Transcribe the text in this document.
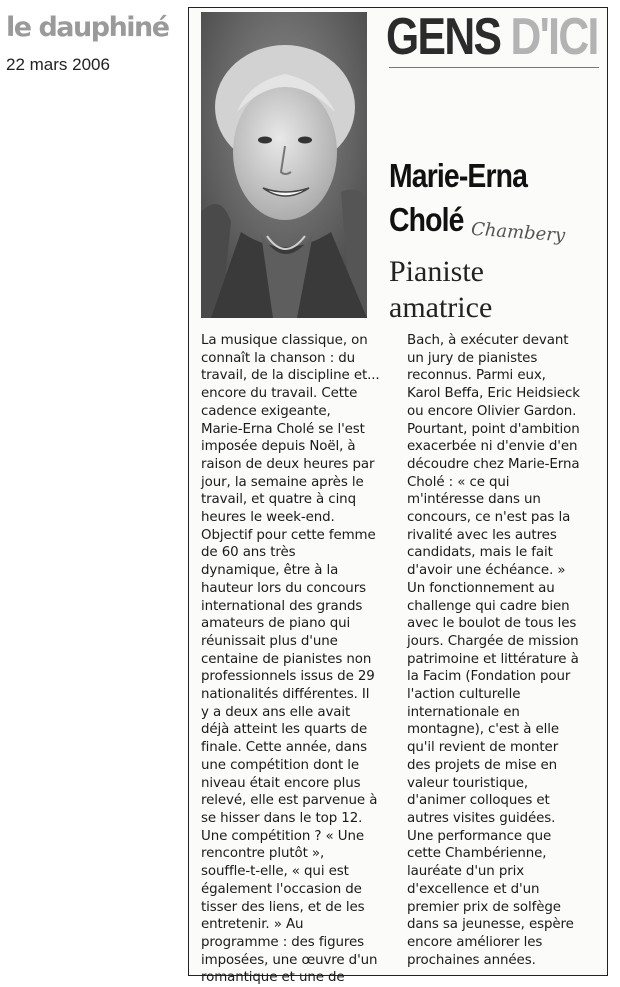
le dauphiné
22 mars 2006	GENS D'ICI
Marie-Erna
Cholé Chambery
Pianiste
amatrice
La musique classique, on
connaît la chanson : du
travail, de la discipline et...
encore du travail. Cette
cadence exigeante,
Marie-Erna Cholé se l'est
imposée depuis Noël, à
raison de deux heures par
jour, la semaine après le
travail, et quatre à cinq
heures le week-end.
Objectif pour cette femme
de 60 ans très
dynamique, être à la
hauteur lors du concours
international des grands
amateurs de piano qui
réunissait plus d'une
centaine de pianistes non
professionnels issus de 29
nationalités différentes. Il
y a deux ans elle avait
déjà atteint les quarts de
finale. Cette année, dans
une compétition dont le
niveau était encore plus
relevé, elle est parvenue à
se hisser dans le top 12.
Une compétition ? « Une
rencontre plutôt »,
souffle-t-elle, « qui est
également l'occasion de
tisser des liens, et de les
entretenir. » Au
programme : des figures
imposées, une œuvre d'un
romantique et une de
Bach, à exécuter devant
un jury de pianistes
reconnus. Parmi eux,
Karol Beffa, Eric Heidsieck
ou encore Olivier Gardon.
Pourtant, point d'ambition
exacerbée ni d'envie d'en
découdre chez Marie-Erna
Cholé : « ce qui
m'intéresse dans un
concours, ce n'est pas la
rivalité avec les autres
candidats, mais le fait
d'avoir une échéance. »
Un fonctionnement au
challenge qui cadre bien
avec le boulot de tous les
jours. Chargée de mission
patrimoine et littérature à
la Facim (Fondation pour
l'action culturelle
internationale en
montagne), c'est à elle
qu'il revient de monter
des projets de mise en
valeur touristique,
d'animer colloques et
autres visites guidées.
Une performance que
cette Chambérienne,
lauréate d'un prix
d'excellence et d'un
premier prix de solfège
dans sa jeunesse, espère
encore améliorer les
prochaines années.
